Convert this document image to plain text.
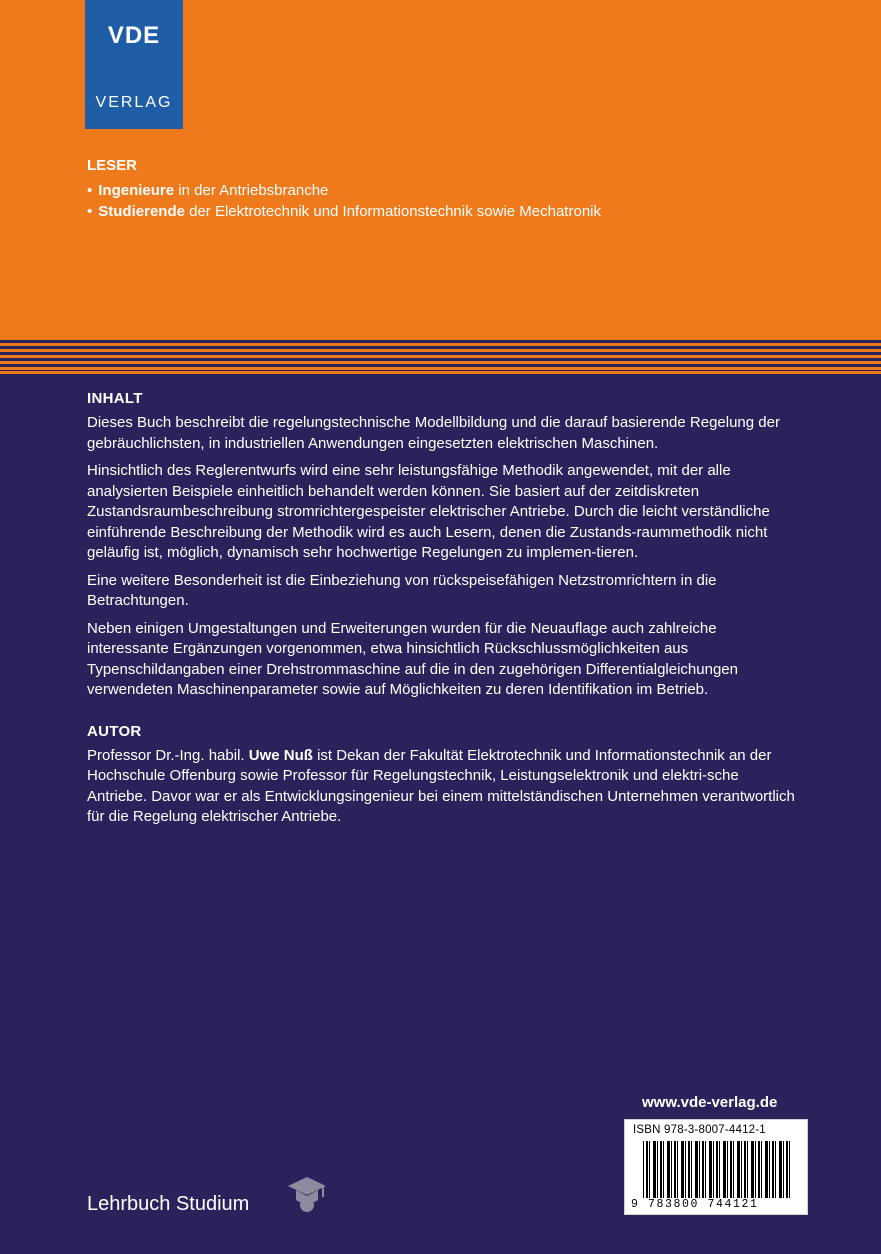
VDE
VERLAG
LESER
• Ingenieure in der Antriebsbranche
• Studierende der Elektrotechnik und Informationstechnik sowie Mechatronik
INHALT

Dieses Buch beschreibt die regelungstechnische Modellbildung und die darauf basierende Regelung der gebräuchlichsten, in industriellen Anwendungen eingesetzten elektrischen Maschinen.

Hinsichtlich des Reglerentwurfs wird eine sehr leistungsfähige Methodik angewendet, mit der alle analysierten Beispiele einheitlich behandelt werden können. Sie basiert auf der zeitdiskreten Zustandsraumbeschreibung stromrichtergespeister elektrischer Antriebe. Durch die leicht verständliche einführende Beschreibung der Methodik wird es auch Lesern, denen die Zustands-raummethodik nicht geläufig ist, möglich, dynamisch sehr hochwertige Regelungen zu implemen-tieren.

Eine weitere Besonderheit ist die Einbeziehung von rückspeisefähigen Netzstromrichtern in die Betrachtungen.

Neben einigen Umgestaltungen und Erweiterungen wurden für die Neuauflage auch zahlreiche interessante Ergänzungen vorgenommen, etwa hinsichtlich Rückschlussmöglichkeiten aus Typenschildangaben einer Drehstrommaschine auf die in den zugehörigen Differentialgleichungen verwendeten Maschinenparameter sowie auf Möglichkeiten zu deren Identifikation im Betrieb.

AUTOR

Professor Dr.-Ing. habil. Uwe Nuß ist Dekan der Fakultät Elektrotechnik und Informationstechnik an der Hochschule Offenburg sowie Professor für Regelungstechnik, Leistungselektronik und elektri-sche Antriebe. Davor war er als Entwicklungsingenieur bei einem mittelständischen Unternehmen verantwortlich für die Regelung elektrischer Antriebe.

www.vde-verlag.de
ISBN 978-3-8007-4412-1
9 783800 744121
Lehrbuch Studium
